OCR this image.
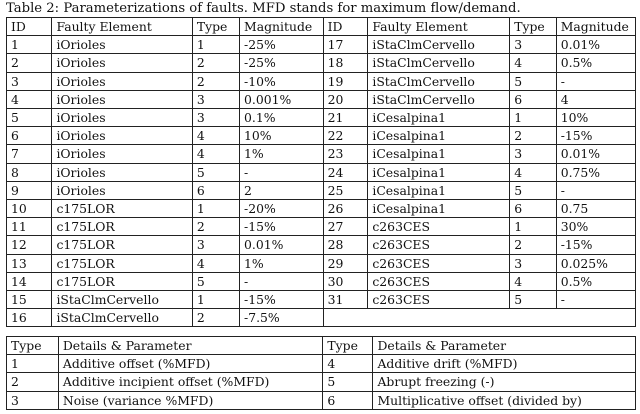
Table 2: Parameterizations of faults. MFD stands for maximum flow/demand.
ID	Faulty Element	Type	Magnitude	ID	Faulty Element	Type	Magnitude
1	iOrioles	1	-25%	17	iStaClmCervello	3	0.01%
2	iOrioles	2	-25%	18	iStaClmCervello	4	0.5%
3	iOrioles	2	-10%	19	iStaClmCervello	5	-
4	iOrioles	3	0.001%	20	iStaClmCervello	6	4
5	iOrioles	3	0.1%	21	iCesalpina1	1	10%
6	iOrioles	4	10%	22	iCesalpina1	2	-15%
7	iOrioles	4	1%	23	iCesalpina1	3	0.01%
8	iOrioles	5	-	24	iCesalpina1	4	0.75%
9	iOrioles	6	2	25	iCesalpina1	5	-
10	c175LOR	1	-20%	26	iCesalpina1	6	0.75
11	c175LOR	2	-15%	27	c263CES	1	30%
12	c175LOR	3	0.01%	28	c263CES	2	-15%
13	c175LOR	4	1%	29	c263CES	3	0.025%
14	c175LOR	5	-	30	c263CES	4	0.5%
15	iStaClmCervello	1	-15%	31	c263CES	5	-
16	iStaClmCervello	2	-7.5%				
Type	Details & Parameter	Type	Details & Parameter
1	Additive offset (%MFD)	4	Additive drift (%MFD)
2	Additive incipient offset (%MFD)	5	Abrupt freezing (-)
3	Noise (variance %MFD)	6	Multiplicative offset (divided by)
